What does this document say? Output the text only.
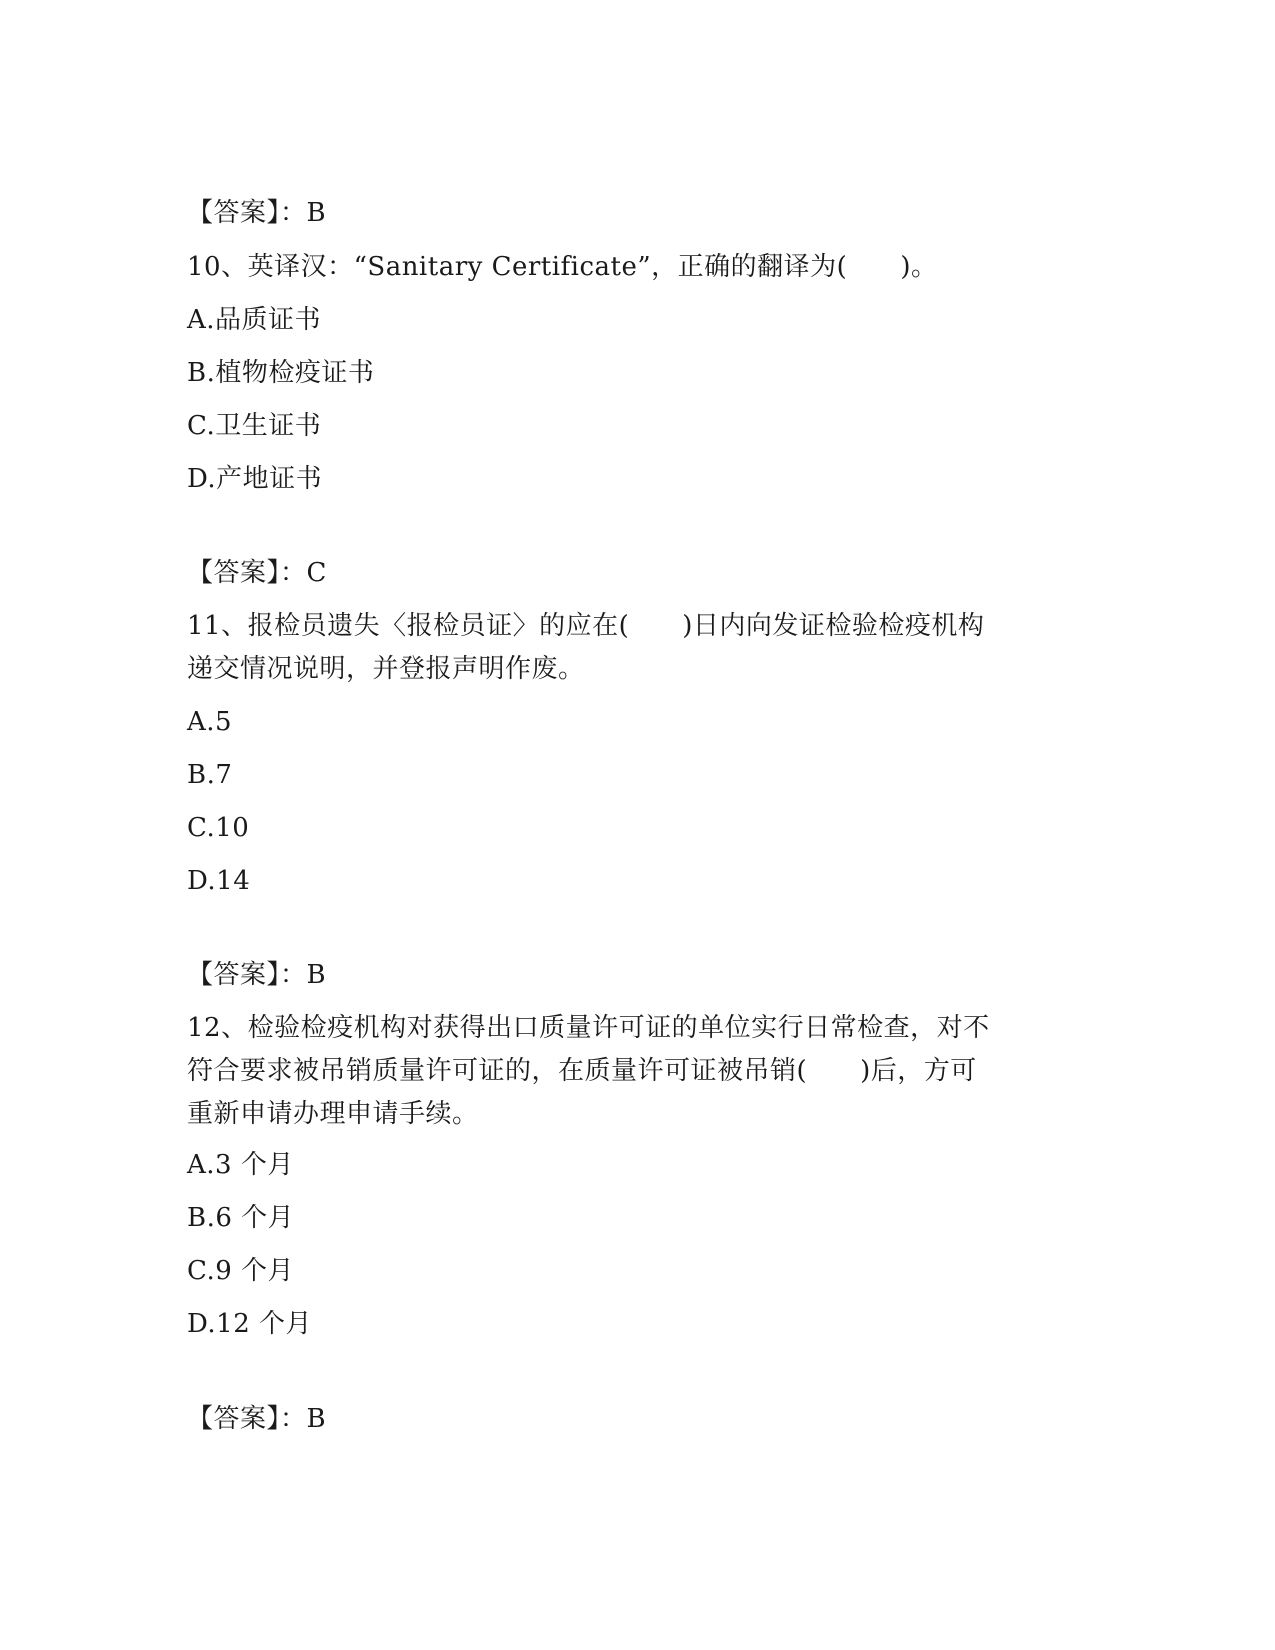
【答案】：B
10、英译汉：“Sanitary Certificate”，正确的翻译为(　　)。
A.品质证书
B.植物检疫证书
C.卫生证书
D.产地证书
【答案】：C
11、报检员遗失〈报检员证〉的应在(　　)日内向发证检验检疫机构
递交情况说明，并登报声明作废。
A.5
B.7
C.10
D.14
【答案】：B
12、检验检疫机构对获得出口质量许可证的单位实行日常检查，对不
符合要求被吊销质量许可证的，在质量许可证被吊销(　　)后，方可
重新申请办理申请手续。
A.3 个月
B.6 个月
C.9 个月
D.12 个月
【答案】：B
